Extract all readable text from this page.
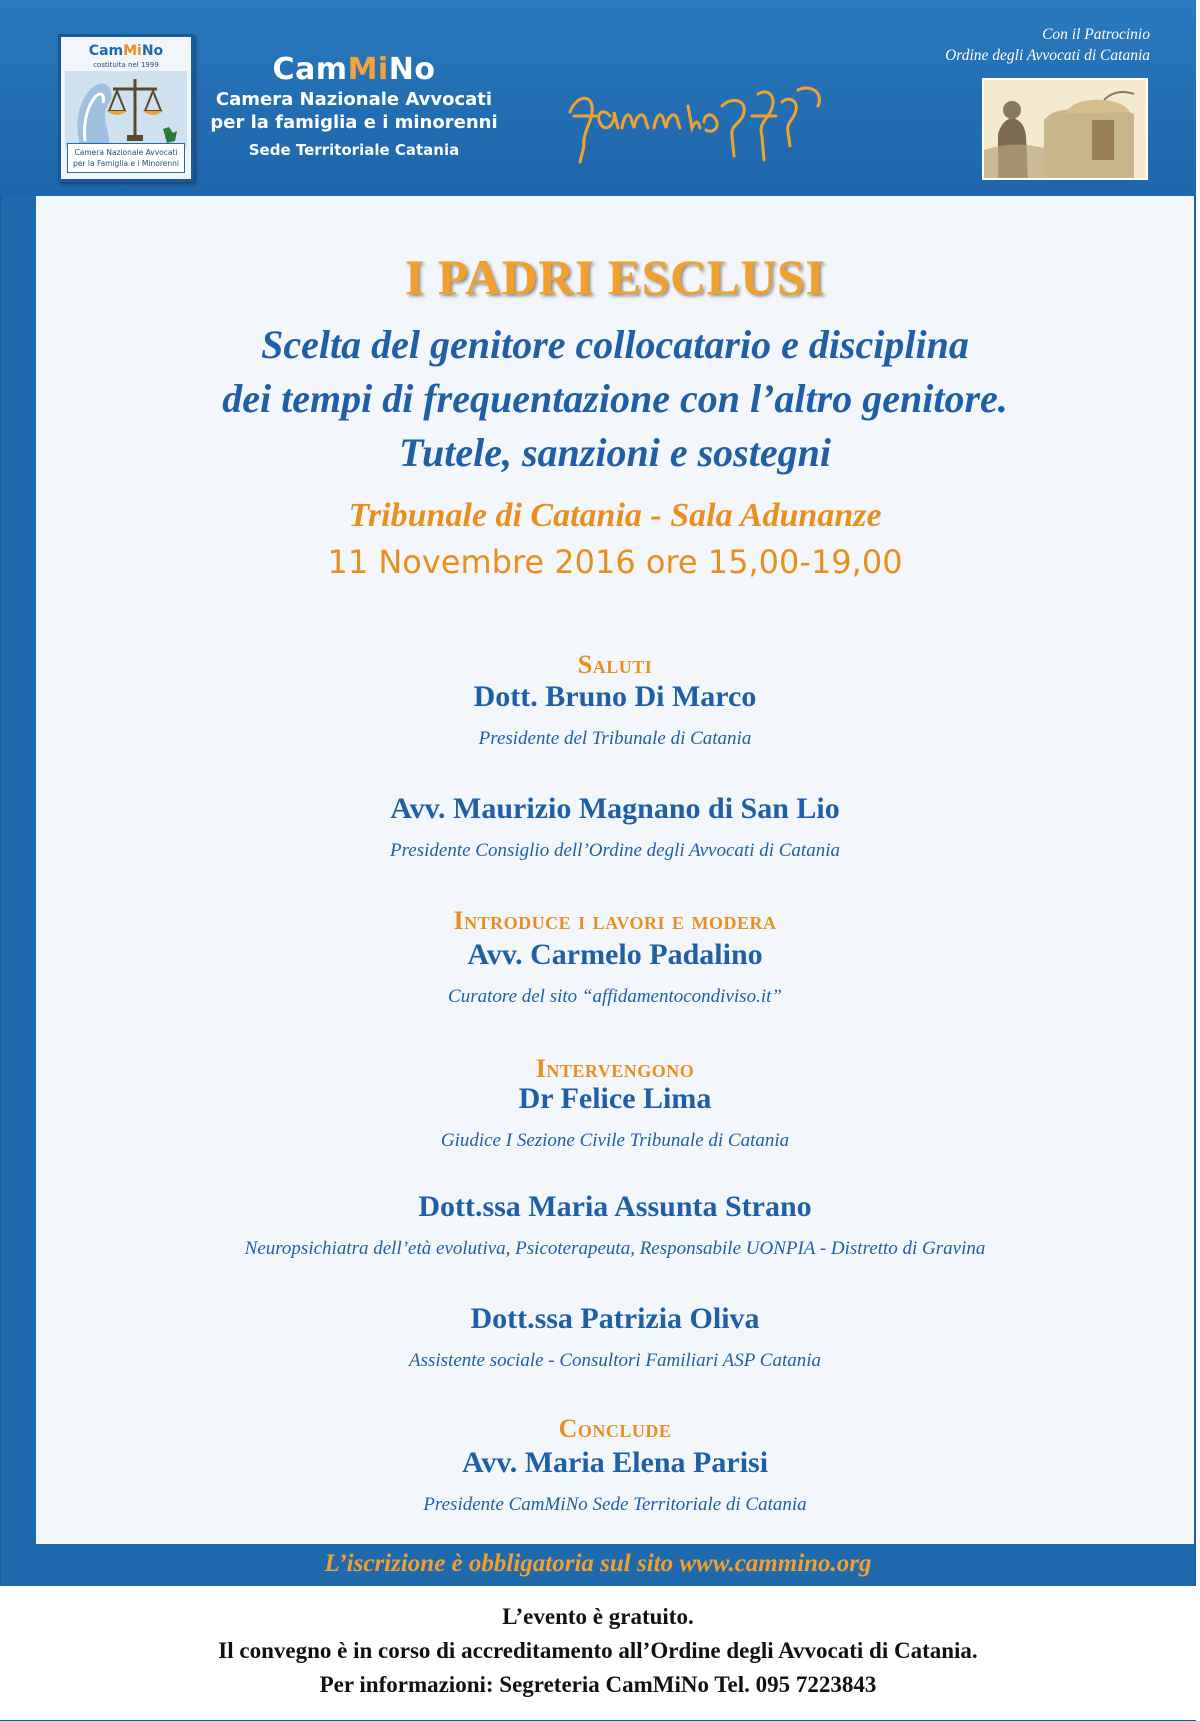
CamMiNo
costituita nel 1999
Camera Nazionale Avvocati
per la Famiglia e i Minorenni
CamMiNo
Camera Nazionale Avvocati
per la famiglia e i minorenni
Sede Territoriale Catania
Con il Patrocinio
Ordine degli Avvocati di Catania
I PADRI ESCLUSI
Scelta del genitore collocatario e disciplina
dei tempi di frequentazione con l’altro genitore.
Tutele, sanzioni e sostegni
Tribunale di Catania - Sala Adunanze
11 Novembre 2016 ore 15,00-19,00
Saluti
Dott. Bruno Di Marco
Presidente del Tribunale di Catania
Avv. Maurizio Magnano di San Lio
Presidente Consiglio dell’Ordine degli Avvocati di Catania
Introduce i lavori e modera
Avv. Carmelo Padalino
Curatore del sito “affidamentocondiviso.it”
Intervengono
Dr Felice Lima
Giudice I Sezione Civile Tribunale di Catania
Dott.ssa Maria Assunta Strano
Neuropsichiatra dell’età evolutiva, Psicoterapeuta, Responsabile UONPIA - Distretto di Gravina
Dott.ssa Patrizia Oliva
Assistente sociale - Consultori Familiari ASP Catania
Conclude
Avv. Maria Elena Parisi
Presidente CamMiNo Sede Territoriale di Catania
L’iscrizione è obbligatoria sul sito www.cammino.org
L’evento è gratuito.
Il convegno è in corso di accreditamento all’Ordine degli Avvocati di Catania.
Per informazioni: Segreteria CamMiNo Tel. 095 7223843
